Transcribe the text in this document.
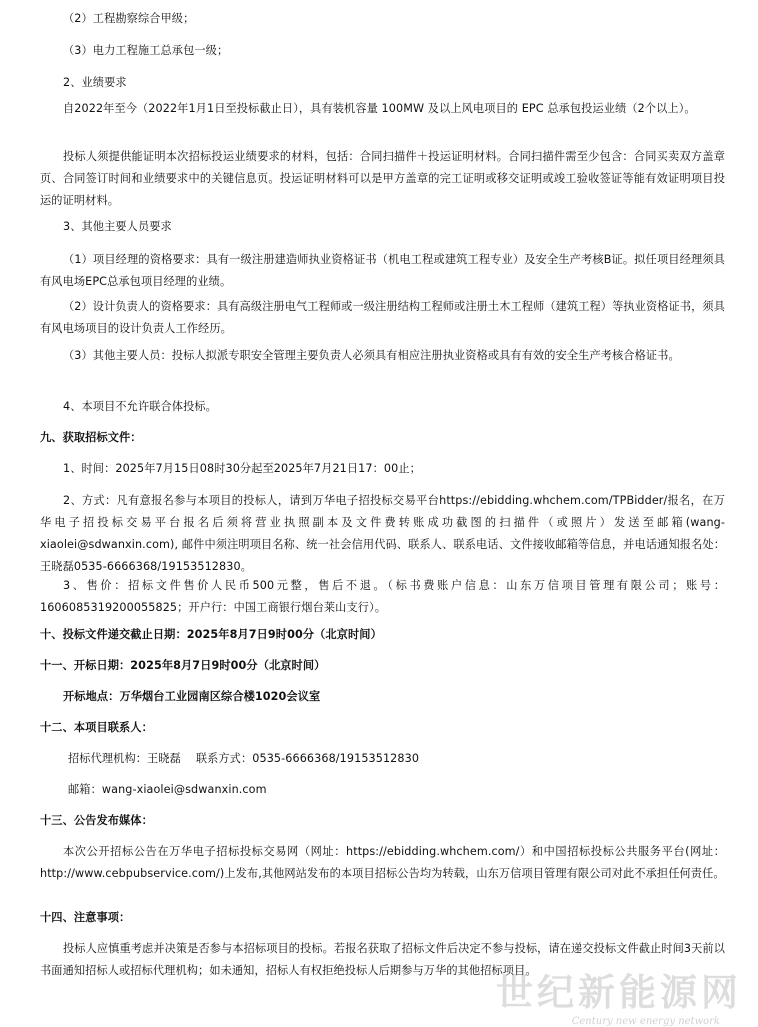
（2）工程勘察综合甲级；

（3）电力工程施工总承包一级；

2、业绩要求

自2022年至今（2022年1月1日至投标截止日），具有装机容量 100MW 及以上风电项目的 EPC 总承包投运业绩（2个以上）。

投标人须提供能证明本次招标投运业绩要求的材料，包括：合同扫描件＋投运证明材料。合同扫描件需至少包含：合同买卖双方盖章页、合同签订时间和业绩要求中的关键信息页。投运证明材料可以是甲方盖章的完工证明或移交证明或竣工验收签证等能有效证明项目投运的证明材料。

3、其他主要人员要求

（1）项目经理的资格要求：具有一级注册建造师执业资格证书（机电工程或建筑工程专业）及安全生产考核B证。拟任项目经理须具有风电场EPC总承包项目经理的业绩。

（2）设计负责人的资格要求：具有高级注册电气工程师或一级注册结构工程师或注册土木工程师（建筑工程）等执业资格证书，须具有风电场项目的设计负责人工作经历。

（3）其他主要人员：投标人拟派专职安全管理主要负责人必须具有相应注册执业资格或具有有效的安全生产考核合格证书。

4、本项目不允许联合体投标。

九、获取招标文件：

1、时间：2025年7月15日08时30分起至2025年7月21日17：00止；

2、方式：凡有意报名参与本项目的投标人，请到万华电子招投标交易平台https://ebidding.whchem.com/TPBidder/报名，在万华电子招投标交易平台报名后须将营业执照副本及文件费转账成功截图的扫描件（或照片）发送至邮箱(wang-xiaolei@sdwanxin.com), 邮件中须注明项目名称、统一社会信用代码、联系人、联系电话、文件接收邮箱等信息，并电话通知报名处：王晓磊0535-6666368/19153512830。

3、售价：招标文件售价人民币500元整，售后不退。（标书费账户信息：山东万信项目管理有限公司；账号：1606085319200055825；开户行：中国工商银行烟台莱山支行）。

十、投标文件递交截止日期：2025年8月7日9时00分（北京时间）

十一、开标日期：2025年8月7日9时00分（北京时间）

开标地点：万华烟台工业园南区综合楼1020会议室

十二、本项目联系人：

招标代理机构：王晓磊　 联系方式：0535-6666368/19153512830

邮箱：wang-xiaolei@sdwanxin.com

十三、公告发布媒体：

本次公开招标公告在万华电子招标投标交易网（网址：https://ebidding.whchem.com/）和中国招标投标公共服务平台(网址：http://www.cebpubservice.com/)上发布,其他网站发布的本项目招标公告均为转载，山东万信项目管理有限公司对此不承担任何责任。

十四、注意事项：

投标人应慎重考虑并决策是否参与本招标项目的投标。若报名获取了招标文件后决定不参与投标，请在递交投标文件截止时间3天前以书面通知招标人或招标代理机构；如未通知，招标人有权拒绝投标人后期参与万华的其他招标项目。

世纪新能源网
Century new energy network
